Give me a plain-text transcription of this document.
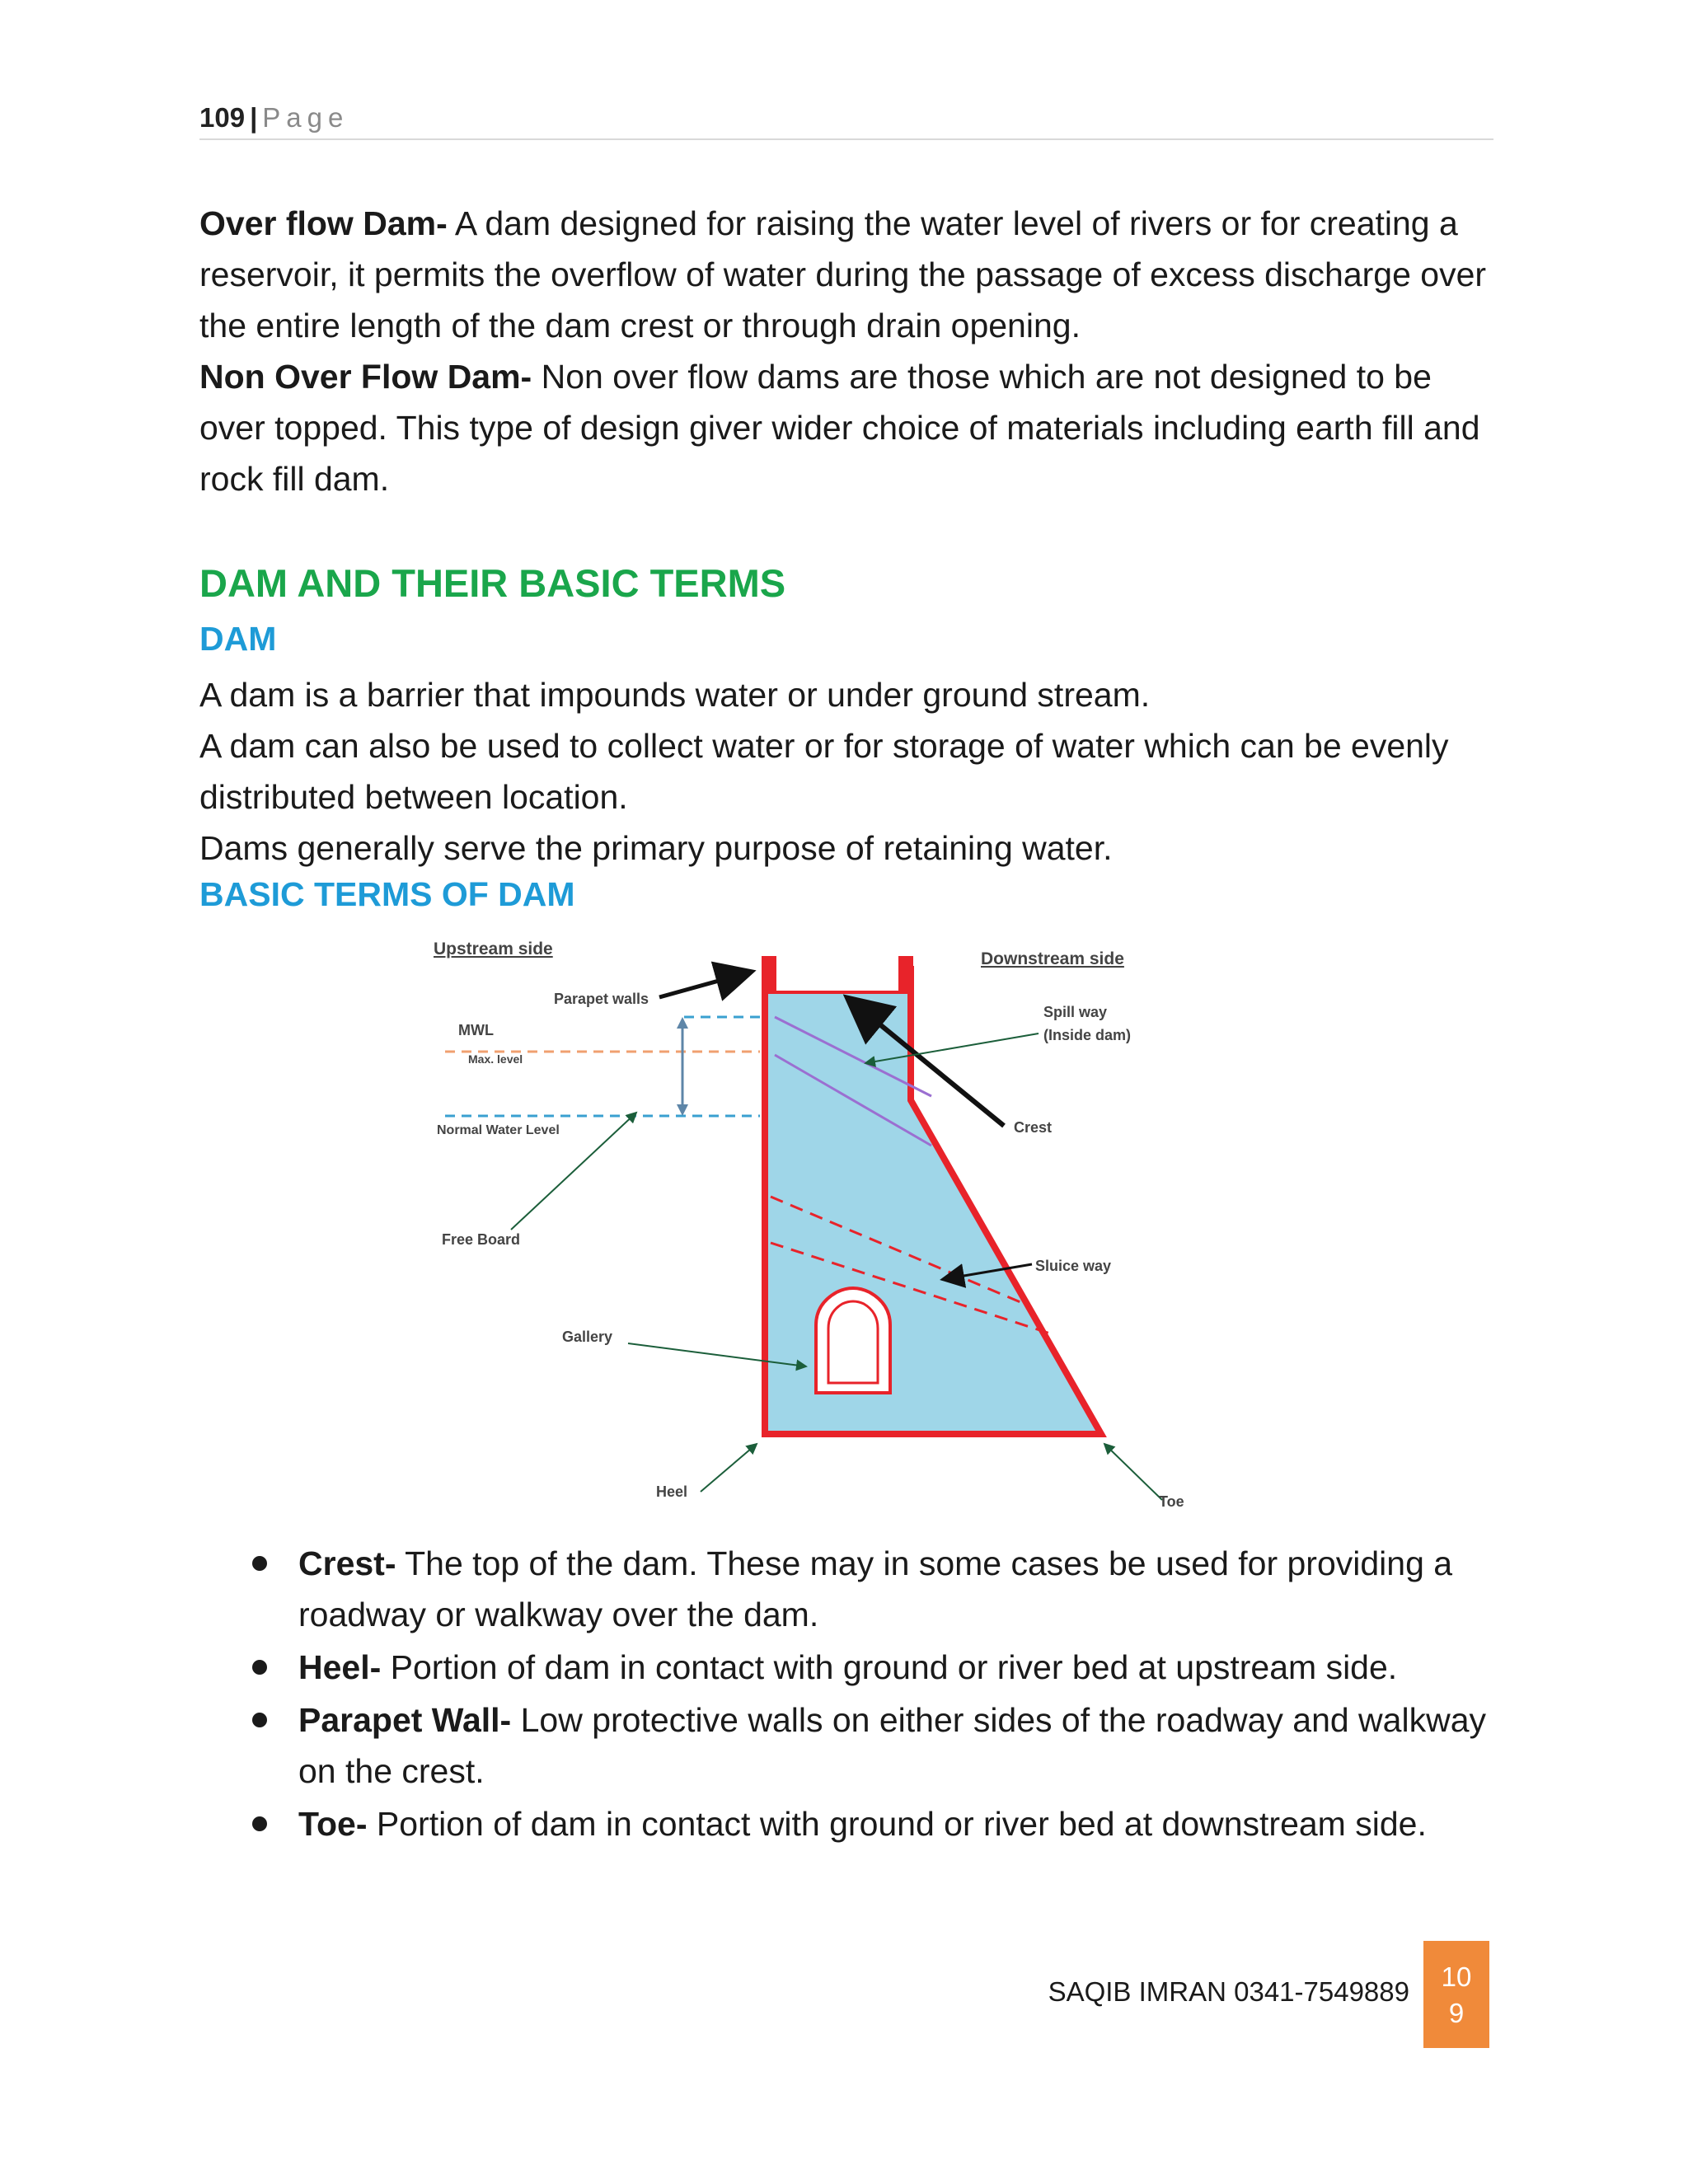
109 | Page

Over flow Dam- A dam designed for raising the water level of rivers or for creating a reservoir, it permits the overflow of water during the passage of excess discharge over the entire length of the dam crest or through drain opening.

Non Over Flow Dam- Non over flow dams are those which are not designed to be over topped. This type of design giver wider choice of materials including earth fill and rock fill dam.

DAM AND THEIR BASIC TERMS
DAM

A dam is a barrier that impounds water or under ground stream.

A dam can also be used to collect water or for storage of water which can be evenly distributed between location.

Dams generally serve the primary purpose of retaining water.

BASIC TERMS OF DAM
Upstream side
Downstream side
Parapet walls
Spill way
(Inside dam)
MWL
Max. level
Normal Water Level	Crest
Free Board
Sluice way
Gallery
Heel
Toe
Crest- The top of the dam. These may in some cases be used for providing a roadway or walkway over the dam.
Heel- Portion of dam in contact with ground or river bed at upstream side.
Parapet Wall- Low protective walls on either sides of the roadway and walkway on the crest.
Toe- Portion of dam in contact with ground or river bed at downstream side.
SAQIB IMRAN 0341-7549889	10
9
